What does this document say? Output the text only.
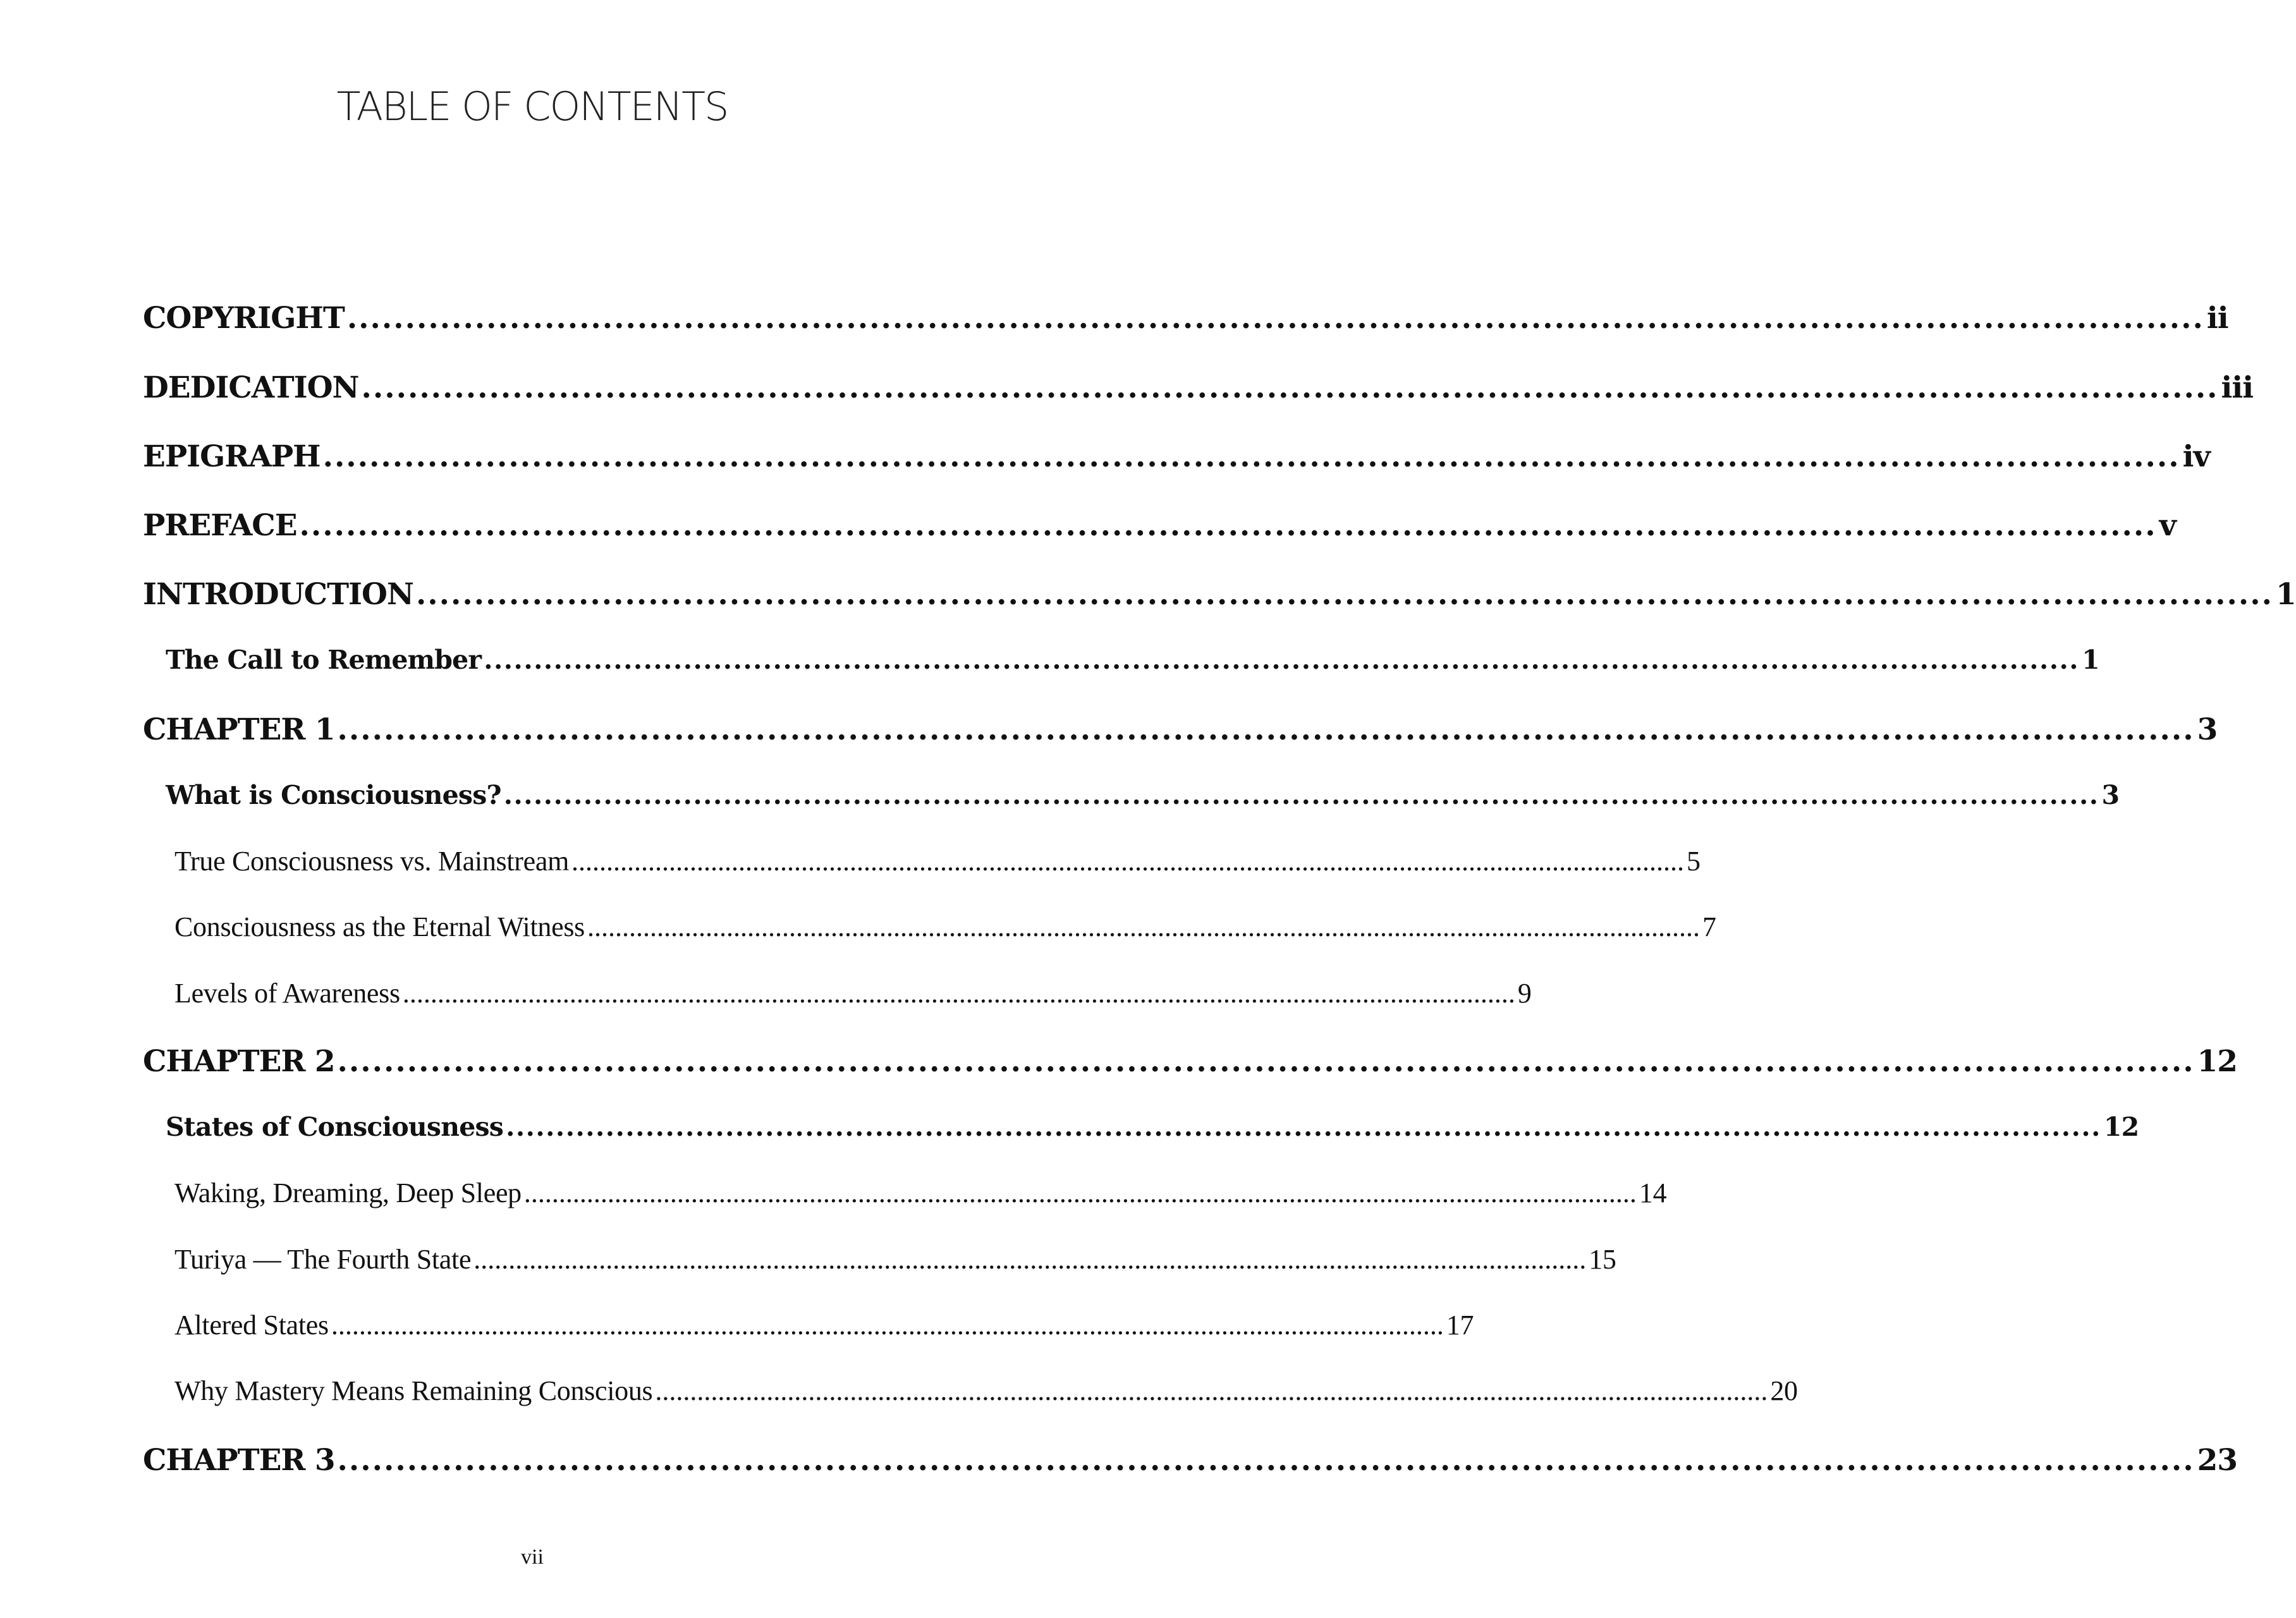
TABLE OF CONTENTS
COPYRIGHT ................................................................................................................................................................ ii
DEDICATION ................................................................................................................................................................ iii
EPIGRAPH ................................................................................................................................................................ iv
PREFACE ................................................................................................................................................................ v
INTRODUCTION ................................................................................................................................................................ 1
The Call to Remember ................................................................................................................................................................ 1
CHAPTER 1 ................................................................................................................................................................ 3
What is Consciousness? ................................................................................................................................................................ 3
True Consciousness vs. Mainstream ................................................................................................................................................................ 5
Consciousness as the Eternal Witness ................................................................................................................................................................ 7
Levels of Awareness ................................................................................................................................................................ 9
CHAPTER 2 ................................................................................................................................................................ 12
States of Consciousness ................................................................................................................................................................ 12
Waking, Dreaming, Deep Sleep ................................................................................................................................................................ 14
Turiya — The Fourth State ................................................................................................................................................................ 15
Altered States ................................................................................................................................................................ 17
Why Mastery Means Remaining Conscious ................................................................................................................................................................ 20
CHAPTER 3 ................................................................................................................................................................ 23
vii
